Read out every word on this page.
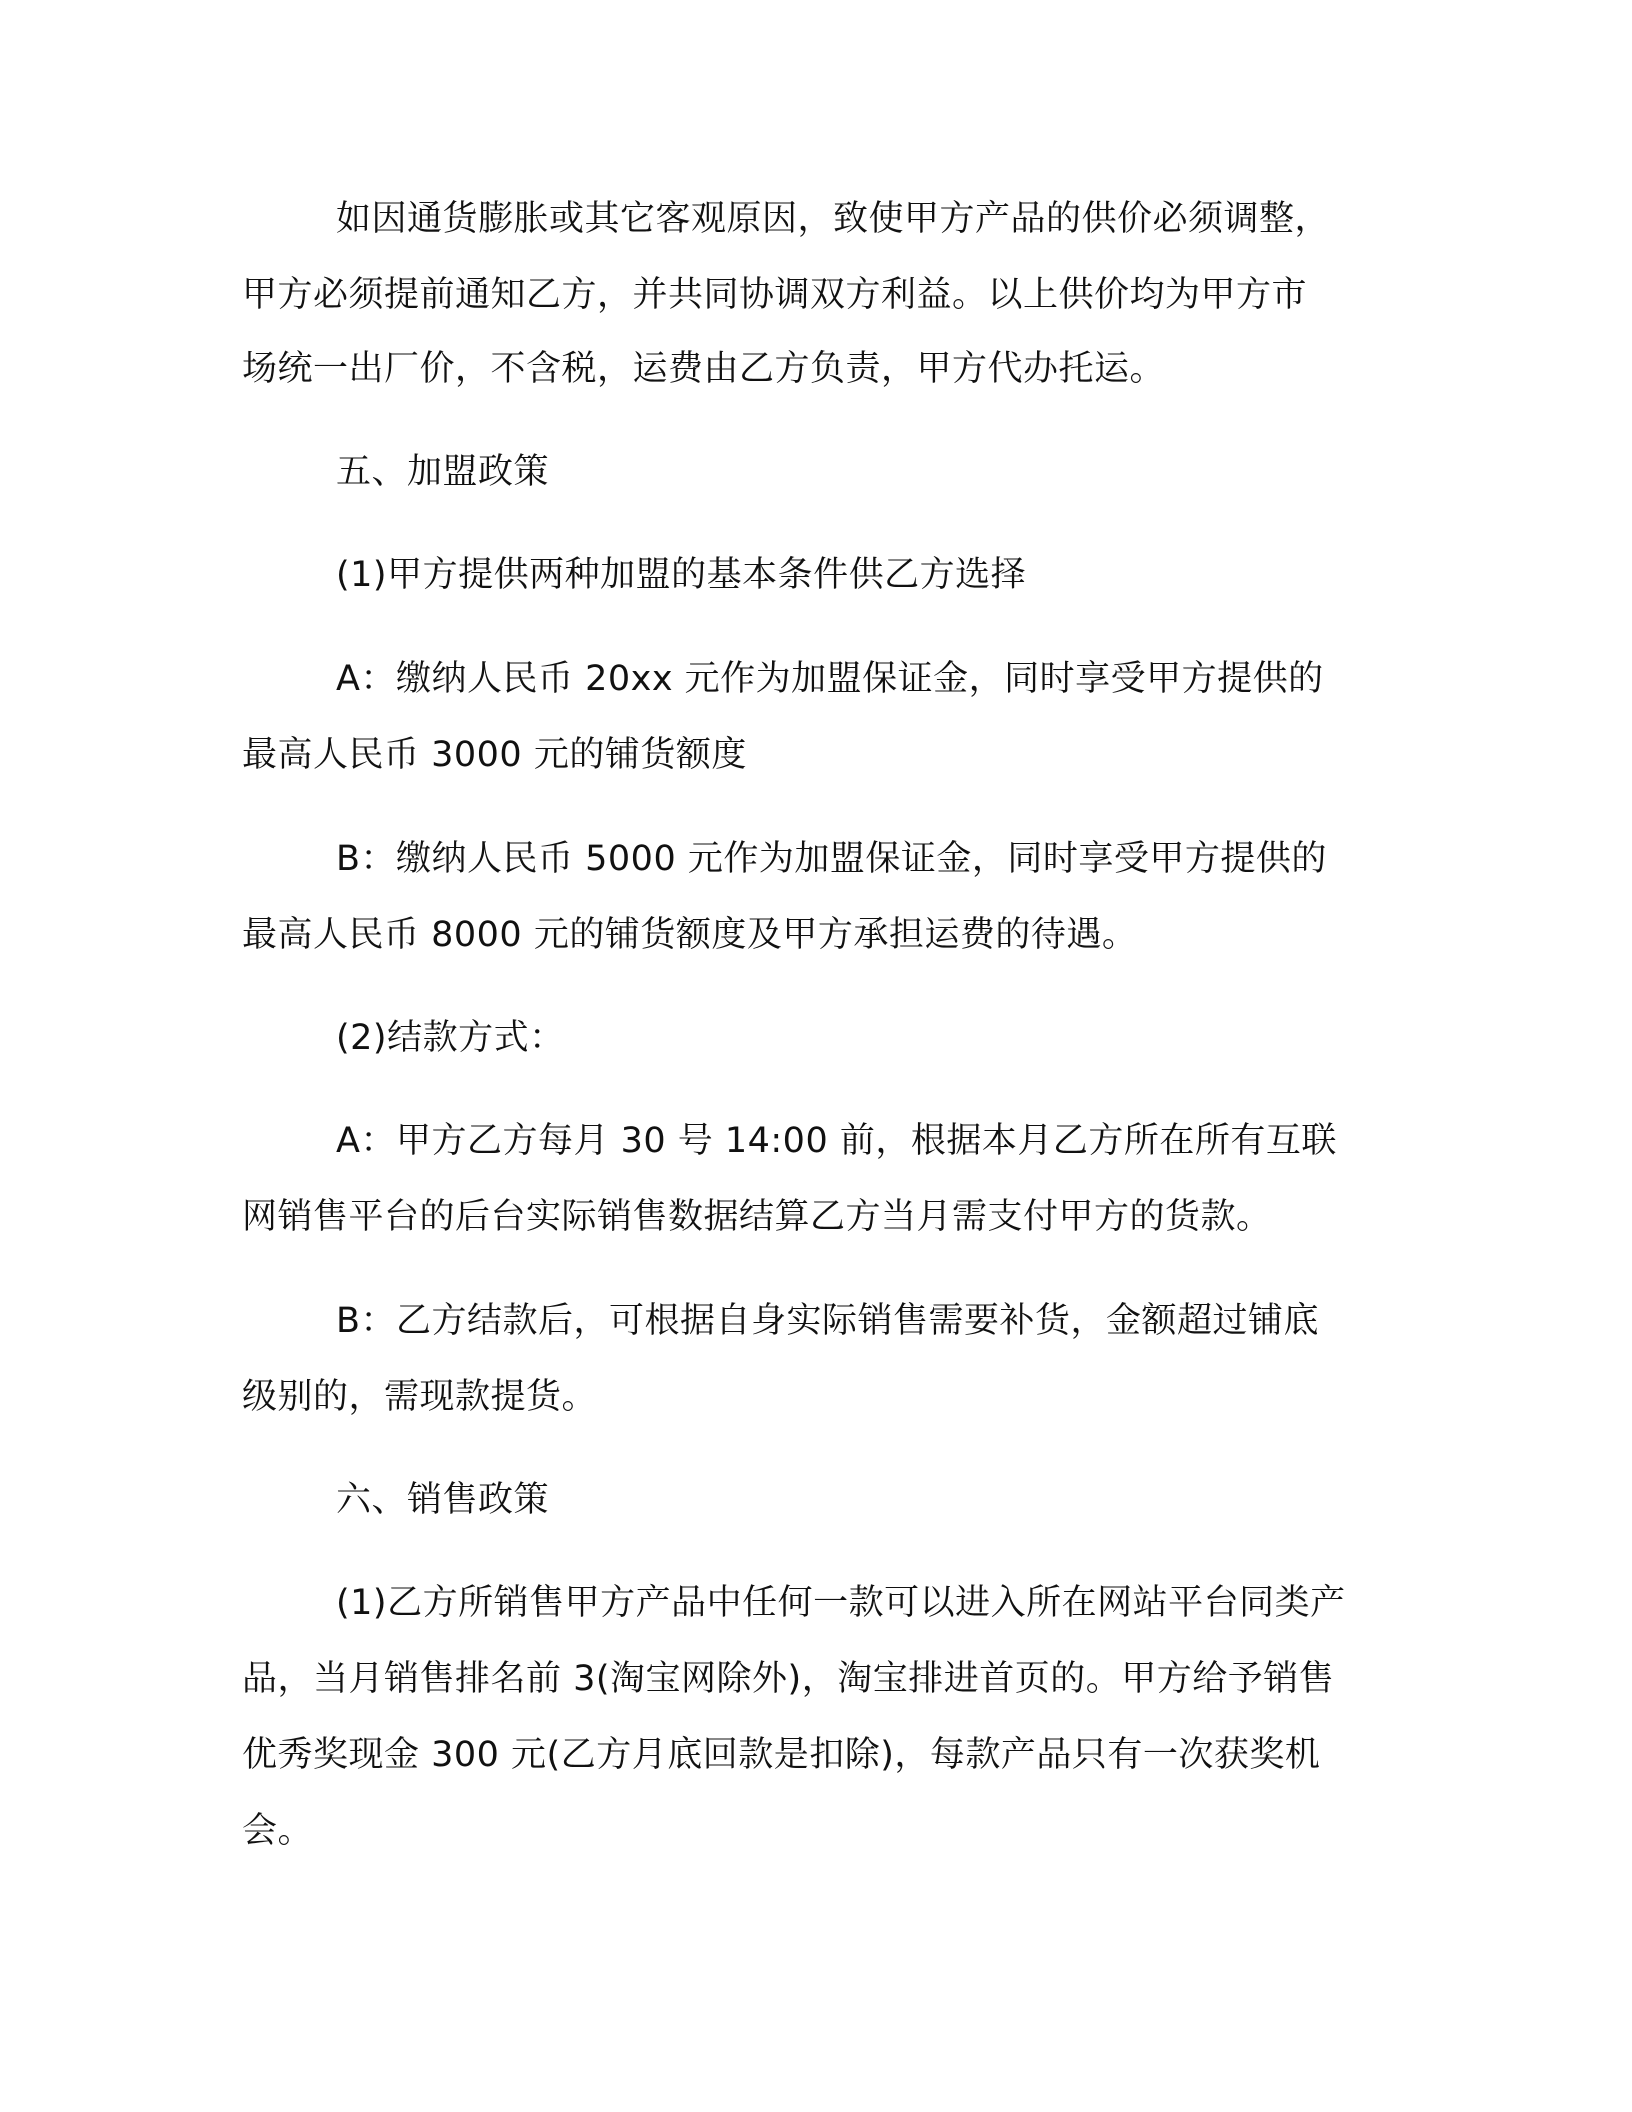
如因通货膨胀或其它客观原因，致使甲方产品的供价必须调整，
甲方必须提前通知乙方，并共同协调双方利益。以上供价均为甲方市
场统一出厂价，不含税，运费由乙方负责，甲方代办托运。
五、加盟政策
(1)甲方提供两种加盟的基本条件供乙方选择
A：缴纳人民币 20xx 元作为加盟保证金，同时享受甲方提供的
最高人民币 3000 元的铺货额度
B：缴纳人民币 5000 元作为加盟保证金，同时享受甲方提供的
最高人民币 8000 元的铺货额度及甲方承担运费的待遇。
(2)结款方式：
A：甲方乙方每月 30 号 14:00 前，根据本月乙方所在所有互联
网销售平台的后台实际销售数据结算乙方当月需支付甲方的货款。
B：乙方结款后，可根据自身实际销售需要补货，金额超过铺底
级别的，需现款提货。
六、销售政策
(1)乙方所销售甲方产品中任何一款可以进入所在网站平台同类产
品，当月销售排名前 3(淘宝网除外)，淘宝排进首页的。甲方给予销售
优秀奖现金 300 元(乙方月底回款是扣除)，每款产品只有一次获奖机
会。
